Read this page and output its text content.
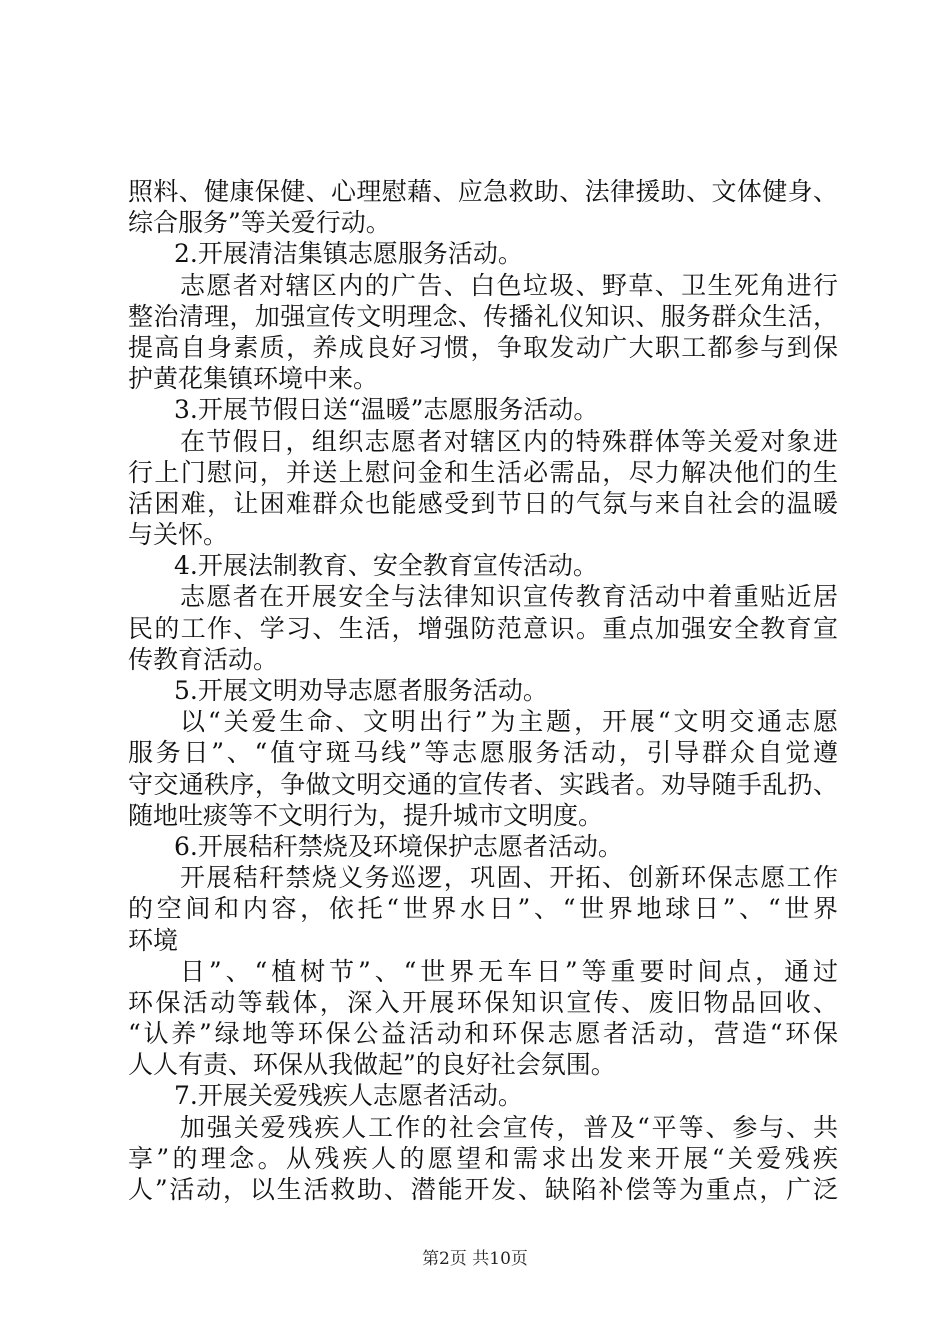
照料、健康保健、心理慰藉、应急救助、法律援助、文体健身、
综合服务”等关爱行动。
2.开展清洁集镇志愿服务活动。
志愿者对辖区内的广告、白色垃圾、野草、卫生死角进行
整治清理，加强宣传文明理念、传播礼仪知识、服务群众生活，
提高自身素质，养成良好习惯，争取发动广大职工都参与到保
护黄花集镇环境中来。
3.开展节假日送“温暖”志愿服务活动。
在节假日，组织志愿者对辖区内的特殊群体等关爱对象进
行上门慰问，并送上慰问金和生活必需品，尽力解决他们的生
活困难，让困难群众也能感受到节日的气氛与来自社会的温暖
与关怀。
4.开展法制教育、安全教育宣传活动。
志愿者在开展安全与法律知识宣传教育活动中着重贴近居
民的工作、学习、生活，增强防范意识。重点加强安全教育宣
传教育活动。
5.开展文明劝导志愿者服务活动。
以“关爱生命、文明出行”为主题，开展“文明交通志愿
服务日”、“值守斑马线”等志愿服务活动，引导群众自觉遵
守交通秩序，争做文明交通的宣传者、实践者。劝导随手乱扔、
随地吐痰等不文明行为，提升城市文明度。
6.开展秸秆禁烧及环境保护志愿者活动。
开展秸秆禁烧义务巡逻，巩固、开拓、创新环保志愿工作
的空间和内容，依托“世界水日”、“世界地球日”、“世界
环境
日”、“植树节”、“世界无车日”等重要时间点，通过
环保活动等载体，深入开展环保知识宣传、废旧物品回收、
“认养”绿地等环保公益活动和环保志愿者活动，营造“环保
人人有责、环保从我做起”的良好社会氛围。
7.开展关爱残疾人志愿者活动。
加强关爱残疾人工作的社会宣传，普及“平等、参与、共
享”的理念。从残疾人的愿望和需求出发来开展“关爱残疾
人”活动，以生活救助、潜能开发、缺陷补偿等为重点，广泛
第2页 共10页
